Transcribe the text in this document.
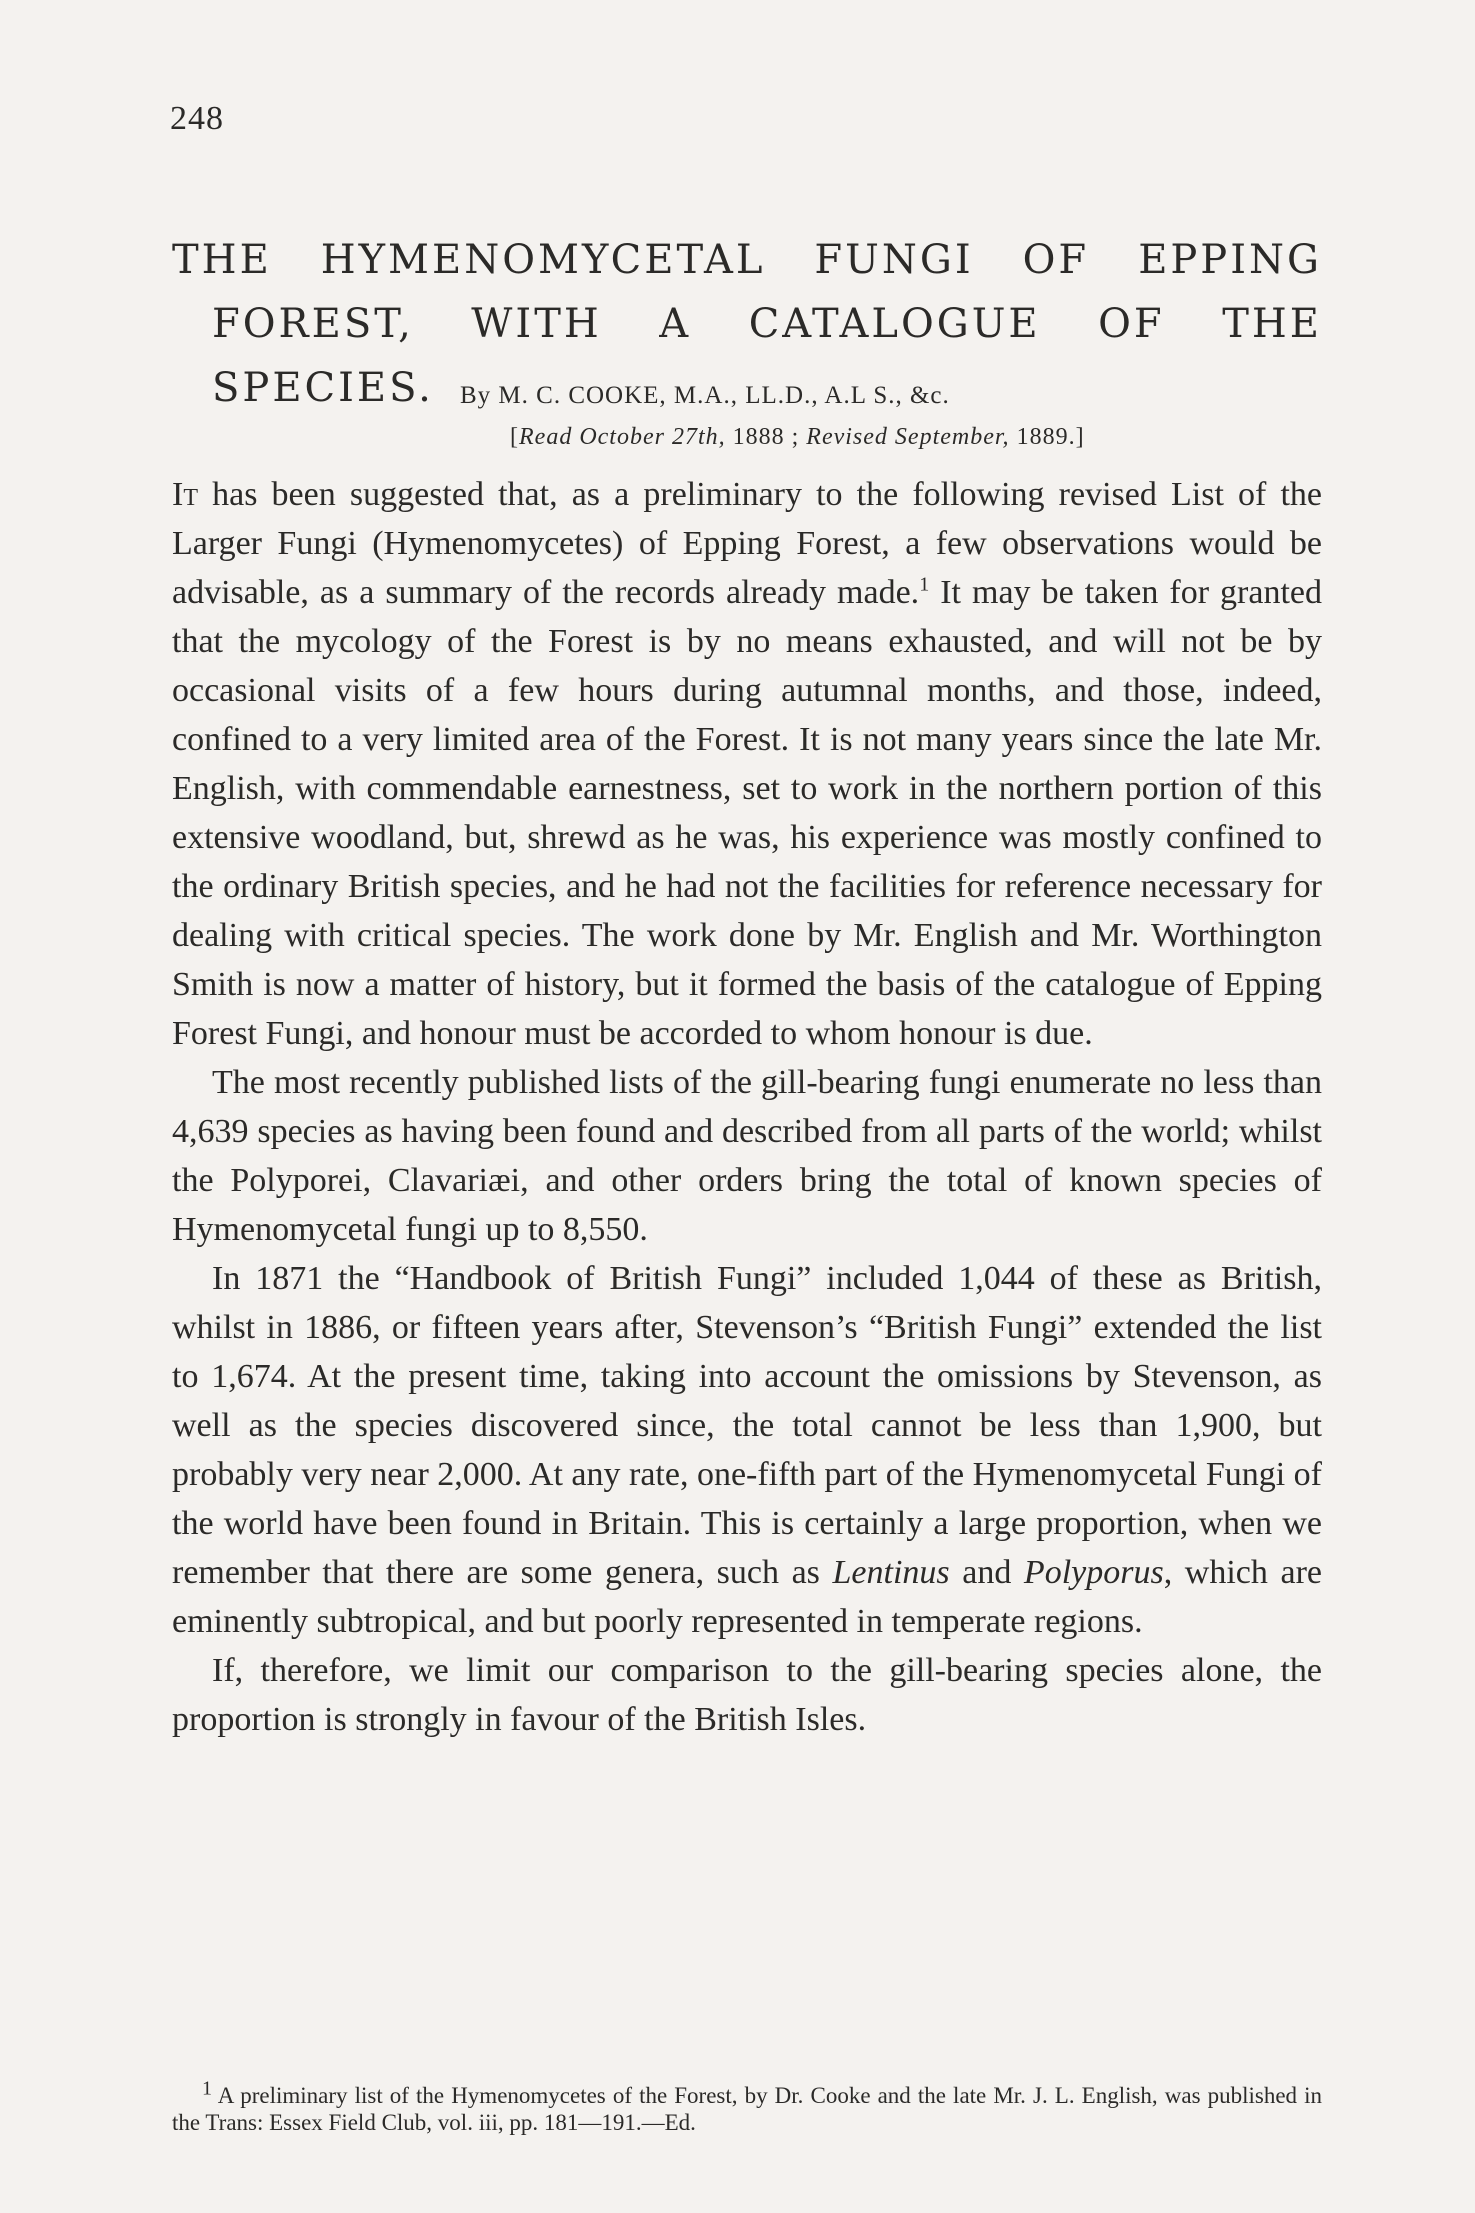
248
THE HYMENOMYCETAL FUNGI OF EPPING
FOREST, WITH A CATALOGUE OF THE
SPECIES.	By M. C. COOKE, M.A., LL.D., A.L S., &c.
[Read October 27th, 1888 ; Revised September, 1889.]

It has been suggested that, as a preliminary to the following revised List of the Larger Fungi (Hymenomycetes) of Epping Forest, a few observations would be advisable, as a summary of the records already made.$^1$ It may be taken for granted that the mycology of the Forest is by no means exhausted, and will not be by occasional visits of a few hours during autumnal months, and those, indeed, confined to a very limited area of the Forest. It is not many years since the late Mr. English, with commendable earnestness, set to work in the northern portion of this extensive woodland, but, shrewd as he was, his experience was mostly confined to the ordinary British species, and he had not the facilities for reference necessary for dealing with critical species. The work done by Mr. English and Mr. Worthington Smith is now a matter of history, but it formed the basis of the catalogue of Epping Forest Fungi, and honour must be accorded to whom honour is due.

The most recently published lists of the gill-bearing fungi enumerate no less than 4,639 species as having been found and described from all parts of the world; whilst the Polyporei, Clavariæi, and other orders bring the total of known species of Hymenomycetal fungi up to 8,550.

In 1871 the “Handbook of British Fungi” included 1,044 of these as British, whilst in 1886, or fifteen years after, Stevenson’s “British Fungi” extended the list to 1,674. At the present time, taking into account the omissions by Stevenson, as well as the species discovered since, the total cannot be less than 1,900, but probably very near 2,000. At any rate, one-fifth part of the Hymenomycetal Fungi of the world have been found in Britain. This is certainly a large proportion, when we remember that there are some genera, such as Lentinus and Polyporus, which are eminently subtropical, and but poorly represented in temperate regions.

If, therefore, we limit our comparison to the gill-bearing species alone, the proportion is strongly in favour of the British Isles.

$^1$ A preliminary list of the Hymenomycetes of the Forest, by Dr. Cooke and the late Mr. J. L. English, was published in the Trans: Essex Field Club, vol. iii, pp. 181—191.—Ed.
